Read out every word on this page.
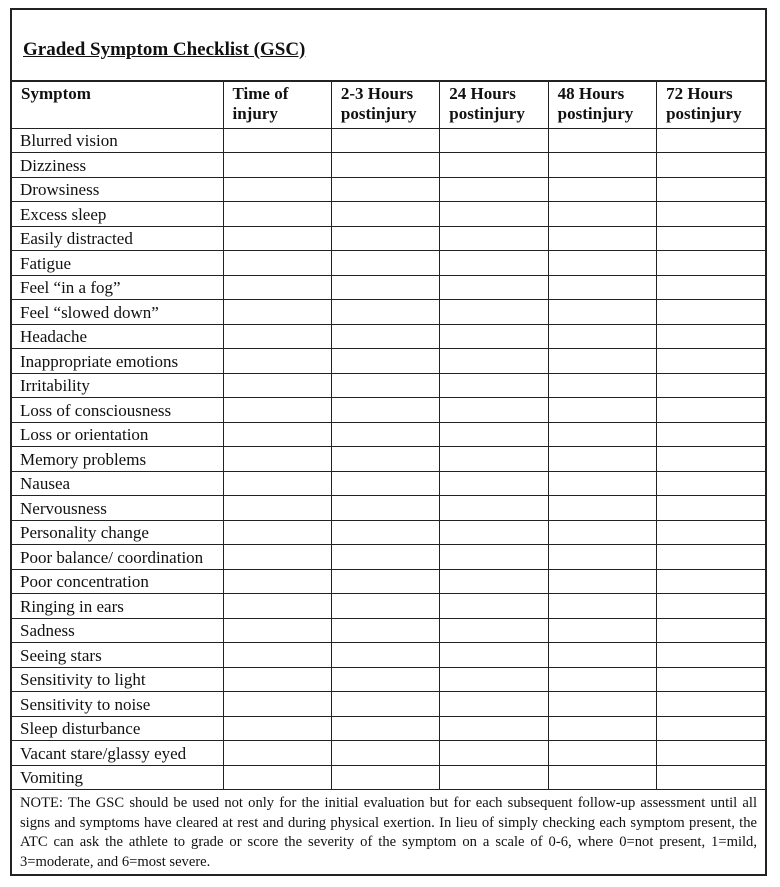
Graded Symptom Checklist (GSC)
Symptom	Time of injury	2-3 Hours postinjury	24 Hours postinjury	48 Hours postinjury	72 Hours postinjury
Blurred vision					
Dizziness					
Drowsiness					
Excess sleep					
Easily distracted					
Fatigue					
Feel “in a fog”					
Feel “slowed down”					
Headache					
Inappropriate emotions					
Irritability					
Loss of consciousness					
Loss or orientation					
Memory problems					
Nausea					
Nervousness					
Personality change					
Poor balance/ coordination					
Poor concentration					
Ringing in ears					
Sadness					
Seeing stars					
Sensitivity to light					
Sensitivity to noise					
Sleep disturbance					
Vacant stare/glassy eyed					
Vomiting					
NOTE: The GSC should be used not only for the initial evaluation but for each subsequent follow-up assessment until all signs and symptoms have cleared at rest and during physical exertion. In lieu of simply checking each symptom present, the ATC can ask the athlete to grade or score the severity of the symptom on a scale of 0-6, where 0=not present, 1=mild, 3=moderate, and 6=most severe.
